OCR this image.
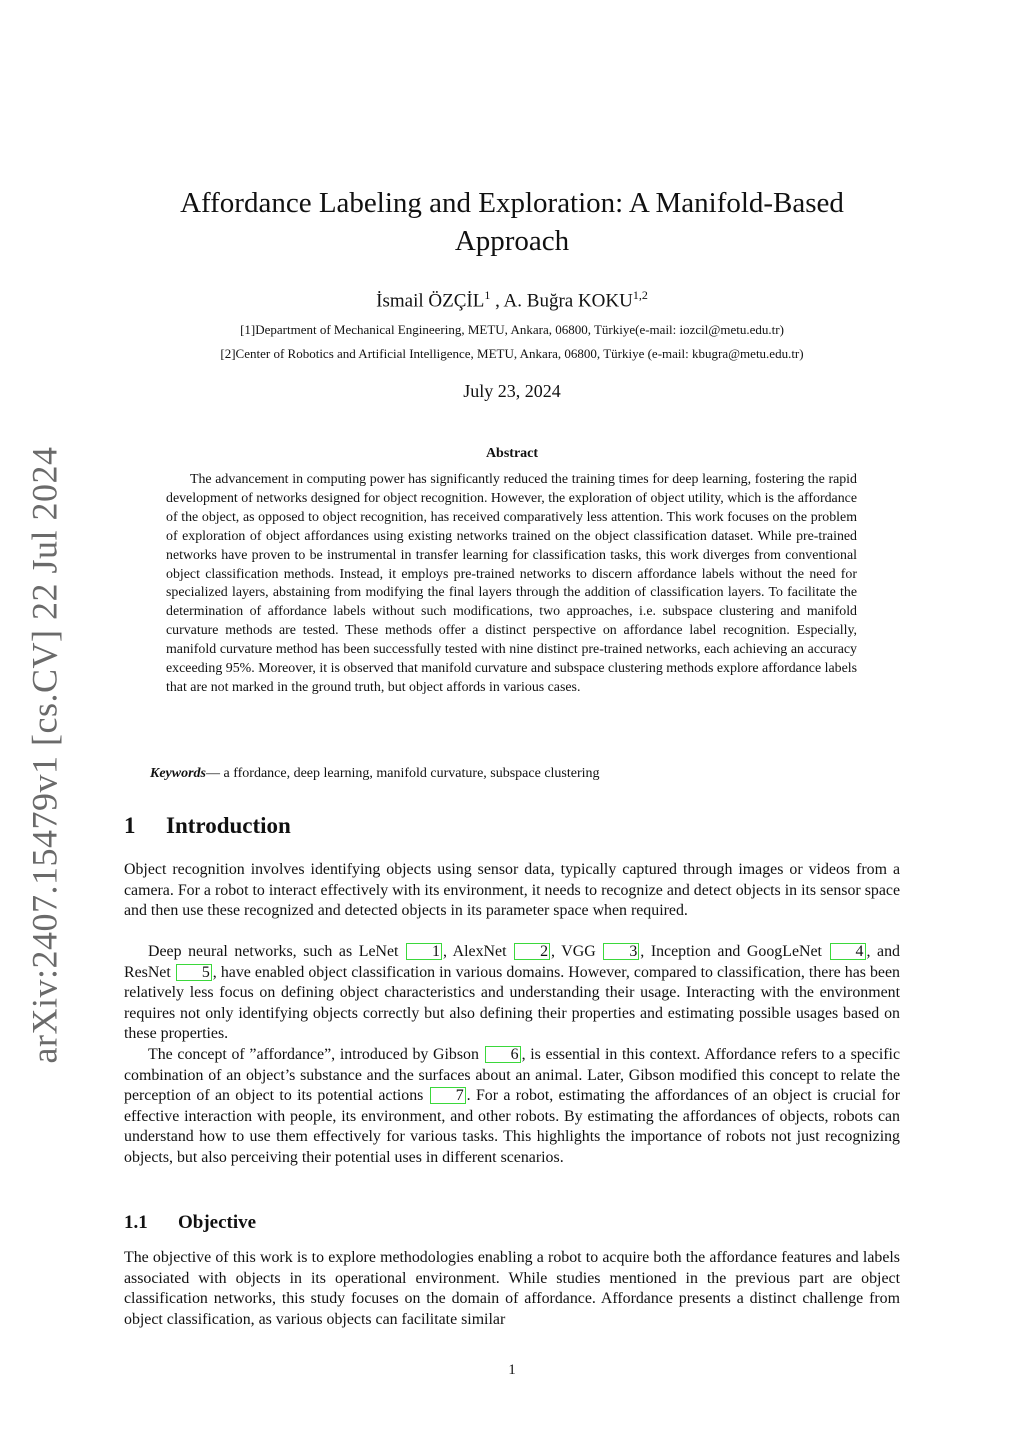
arXiv:2407.15479v1 [cs.CV] 22 Jul 2024
Affordance Labeling and Exploration: A Manifold-Based Approach
İsmail ÖZÇİL$^1$ , A. Buğra KOKU$^{1,2}$
[1]Department of Mechanical Engineering, METU, Ankara, 06800, Türkiye(e-mail: iozcil@metu.edu.tr)
[2]Center of Robotics and Artificial Intelligence, METU, Ankara, 06800, Türkiye (e-mail: kbugra@metu.edu.tr)
July 23, 2024
Abstract

The advancement in computing power has significantly reduced the training times for deep learning, fostering the rapid development of networks designed for object recognition. However, the exploration of object utility, which is the affordance of the object, as opposed to object recognition, has received comparatively less attention. This work focuses on the problem of exploration of object affordances using existing networks trained on the object classification dataset. While pre-trained networks have proven to be instrumental in transfer learning for classification tasks, this work diverges from conventional object classification methods. Instead, it employs pre-trained networks to discern affordance labels without the need for specialized layers, abstaining from modifying the final layers through the addition of classification layers. To facilitate the determination of affordance labels without such modifications, two approaches, i.e. subspace clustering and manifold curvature methods are tested. These methods offer a distinct perspective on affordance label recognition. Especially, manifold curvature method has been successfully tested with nine distinct pre-trained networks, each achieving an accuracy exceeding 95%. Moreover, it is observed that manifold curvature and subspace clustering methods explore affordance labels that are not marked in the ground truth, but object affords in various cases.

Keywords— a ffordance, deep learning, manifold curvature, subspace clustering
1 Introduction

Object recognition involves identifying objects using sensor data, typically captured through images or videos from a camera. For a robot to interact effectively with its environment, it needs to recognize and detect objects in its sensor space and then use these recognized and detected objects in its parameter space when required.

Deep neural networks, such as LeNet 1 , AlexNet 2 , VGG 3 , Inception and GoogLeNet 4 , and ResNet 5 , have enabled object classification in various domains. However, compared to classification, there has been relatively less focus on defining object characteristics and understanding their usage. Interacting with the environment requires not only identifying objects correctly but also defining their properties and estimating possible usages based on these properties.

The concept of ”affordance”, introduced by Gibson 6 , is essential in this context. Affordance refers to a specific combination of an object’s substance and the surfaces about an animal. Later, Gibson modified this concept to relate the perception of an object to its potential actions 7 . For a robot, estimating the affordances of an object is crucial for effective interaction with people, its environment, and other robots. By estimating the affordances of objects, robots can understand how to use them effectively for various tasks. This highlights the importance of robots not just recognizing objects, but also perceiving their potential uses in different scenarios.

1.1 Objective

The objective of this work is to explore methodologies enabling a robot to acquire both the affordance features and labels associated with objects in its operational environment. While studies mentioned in the previous part are object classification networks, this study focuses on the domain of affordance. Affordance presents a distinct challenge from object classification, as various objects can facilitate similar

1
